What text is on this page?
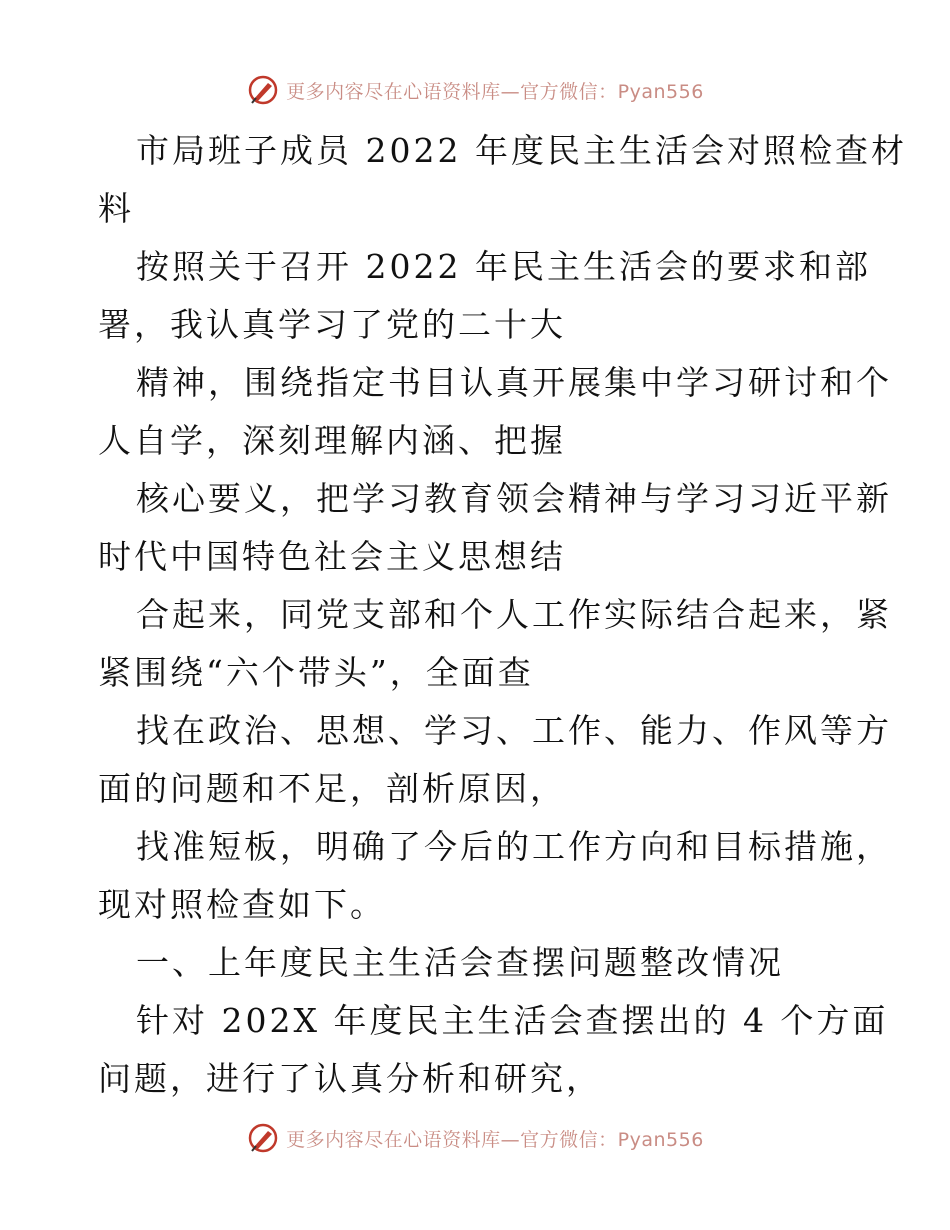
更多内容尽在心语资料库—官方微信：Pyan556
市局班子成员 2022 年度民主生活会对照检查材
料
按照关于召开 2022 年民主生活会的要求和部
署，我认真学习了党的二十大
精神，围绕指定书目认真开展集中学习研讨和个
人自学，深刻理解内涵、把握
核心要义，把学习教育领会精神与学习习近平新
时代中国特色社会主义思想结
合起来，同党支部和个人工作实际结合起来，紧
紧围绕“六个带头”，全面查
找在政治、思想、学习、工作、能力、作风等方
面的问题和不足，剖析原因，
找准短板，明确了今后的工作方向和目标措施，
现对照检查如下。
一、上年度民主生活会查摆问题整改情况
针对 202X 年度民主生活会查摆出的 4 个方面
问题，进行了认真分析和研究，
更多内容尽在心语资料库—官方微信：Pyan556
